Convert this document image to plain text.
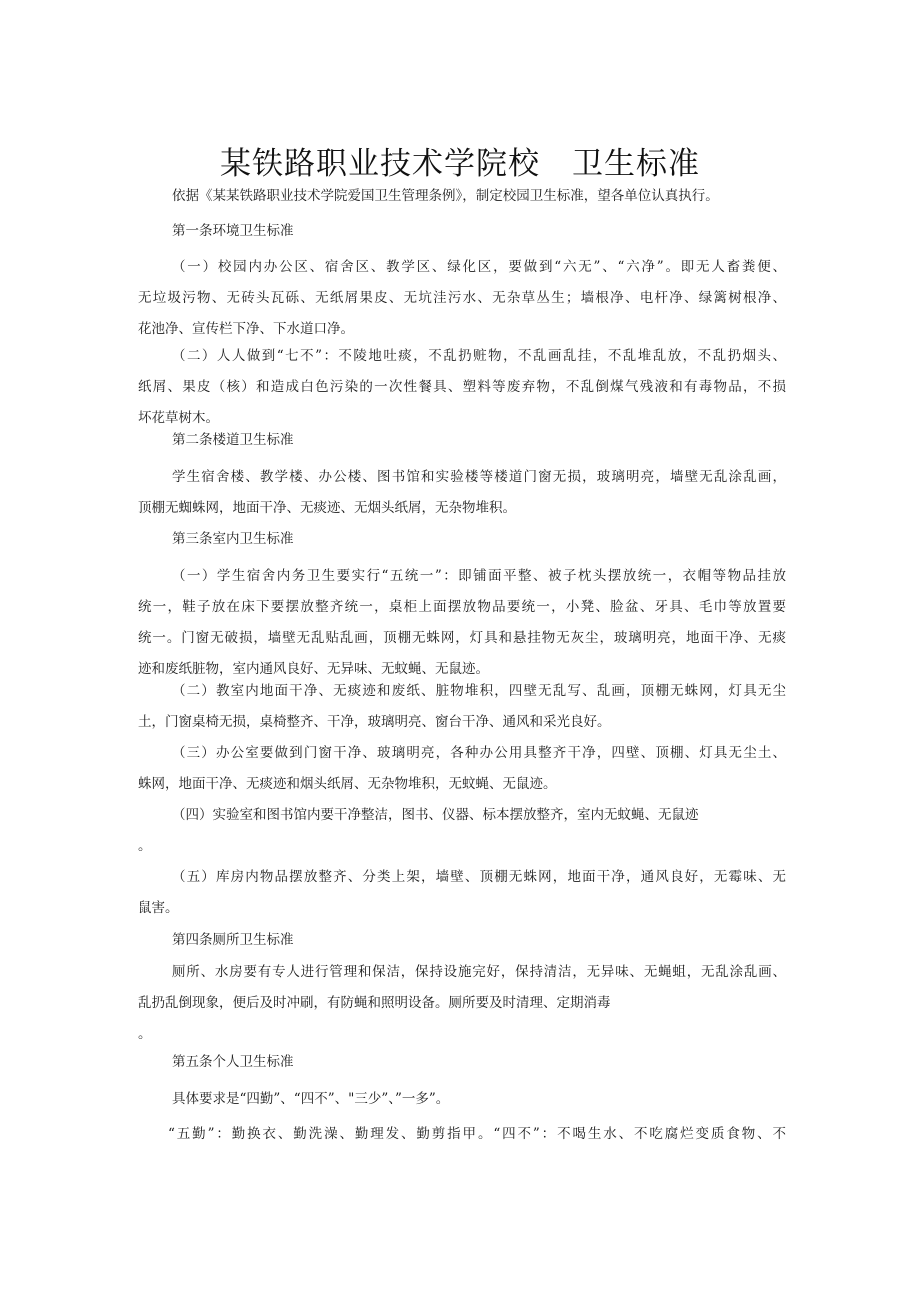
某铁路职业技术学院校　卫生标准
依据《某某铁路职业技术学院爱国卫生管理条例》，制定校园卫生标准，望各单位认真执行。
第一条环境卫生标准
（一）校园内办公区、宿舍区、教学区、绿化区，要做到“六无”、“六净”。即无人畜粪便、
无垃圾污物、无砖头瓦砾、无纸屑果皮、无坑洼污水、无杂草丛生；墙根净、电杆净、绿篱树根净、
花池净、宣传栏下净、下水道口净。
（二）人人做到“七不”：不陵地吐痰，不乱扔赃物，不乱画乱挂，不乱堆乱放，不乱扔烟头、
纸屑、果皮（核）和造成白色污染的一次性餐具、塑料等废弃物，不乱倒煤气残液和有毒物品，不损
坏花草树木。
第二条楼道卫生标准
学生宿舍楼、教学楼、办公楼、图书馆和实验楼等楼道门窗无损，玻璃明亮，墙壁无乱涂乱画，
顶棚无蜘蛛网，地面干净、无痰迹、无烟头纸屑，无杂物堆积。
第三条室内卫生标准
（一）学生宿舍内务卫生要实行“五统一”：即铺面平整、被子枕头摆放统一，衣帽等物品挂放
统一，鞋子放在床下要摆放整齐统一，桌柜上面摆放物品要统一，小凳、脸盆、牙具、毛巾等放置要
统一。门窗无破损，墙壁无乱贴乱画，顶棚无蛛网，灯具和悬挂物无灰尘，玻璃明亮，地面干净、无痰
迹和废纸脏物，室内通风良好、无异味、无蚊蝇、无鼠迹。
（二）教室内地面干净、无痰迹和废纸、脏物堆积，四壁无乱写、乱画，顶棚无蛛网，灯具无尘
土，门窗桌椅无损，桌椅整齐、干净，玻璃明亮、窗台干净、通风和采光良好。
（三）办公室要做到门窗干净、玻璃明亮，各种办公用具整齐干净，四壁、顶棚、灯具无尘土、
蛛网，地面干净、无痰迹和烟头纸屑、无杂物堆积，无蚊蝇、无鼠迹。
（四）实验室和图书馆内要干净整洁，图书、仪器、标本摆放整齐，室内无蚊蝇、无鼠迹
。
（五）库房内物品摆放整齐、分类上架，墙壁、顶棚无蛛网，地面干净，通风良好，无霉味、无
鼠害。
第四条厕所卫生标准
厕所、水房要有专人进行管理和保洁，保持设施完好，保持清洁，无异味、无蝇蛆，无乱涂乱画、
乱扔乱倒现象，便后及时冲刷，有防蝇和照明设备。厕所要及时清理、定期消毒
。
第五条个人卫生标准
具体要求是“四勤”、“四不”、"三少”、”一多”。
“五勤”：勤换衣、勤洗澡、勤理发、勤剪指甲。“四不”：不喝生水、不吃腐烂变质食物、不
